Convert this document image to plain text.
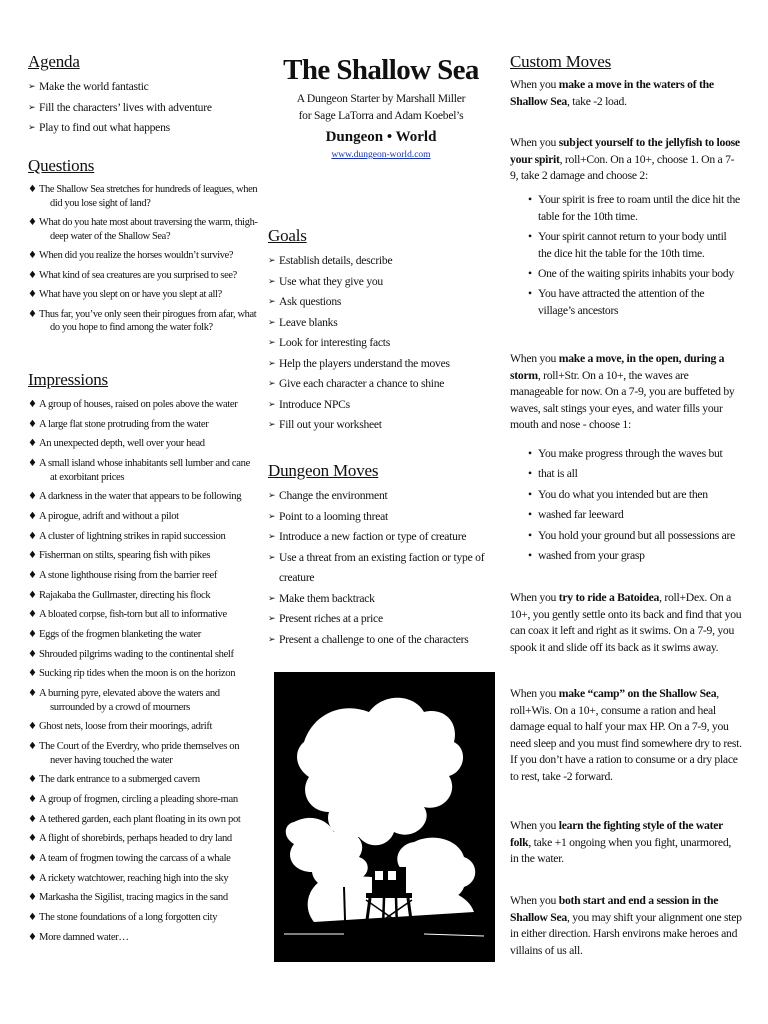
Agenda
➢ Make the world fantastic
➢ Fill the characters’ lives with adventure
➢ Play to find out what happens
Questions
♦ The Shallow Sea stretches for hundreds of leagues, when did you lose sight of land?
♦ What do you hate most about traversing the warm, thigh-deep water of the Shallow Sea?
♦ When did you realize the horses wouldn’t survive?
♦ What kind of sea creatures are you surprised to see?
♦ What have you slept on or have you slept at all?
♦ Thus far, you’ve only seen their pirogues from afar, what do you hope to find among the water folk?
Impressions
♦ A group of houses, raised on poles above the water
♦ A large flat stone protruding from the water
♦ An unexpected depth, well over your head
♦ A small island whose inhabitants sell lumber and cane at exorbitant prices
♦ A darkness in the water that appears to be following
♦ A pirogue, adrift and without a pilot
♦ A cluster of lightning strikes in rapid succession
♦ Fisherman on stilts, spearing fish with pikes
♦ A stone lighthouse rising from the barrier reef
♦ Rajakaba the Gullmaster, directing his flock
♦ A bloated corpse, fish-torn but all to informative
♦ Eggs of the frogmen blanketing the water
♦ Shrouded pilgrims wading to the continental shelf
♦ Sucking rip tides when the moon is on the horizon
♦ A burning pyre, elevated above the waters and surrounded by a crowd of mourners
♦ Ghost nets, loose from their moorings, adrift
♦ The Court of the Everdry, who pride themselves on never having touched the water
♦ The dark entrance to a submerged cavern
♦ A group of frogmen, circling a pleading shore-man
♦ A tethered garden, each plant floating in its own pot
♦ A flight of shorebirds, perhaps headed to dry land
♦ A team of frogmen towing the carcass of a whale
♦ A rickety watchtower, reaching high into the sky
♦ Markasha the Sigilist, tracing magics in the sand
♦ The stone foundations of a long forgotten city
♦ More damned water…
The Shallow Sea
A Dungeon Starter by Marshall Miller
for Sage LaTorra and Adam Koebel’s
Dungeon • World
www.dungeon-world.com
Goals
➢ Establish details, describe
➢ Use what they give you
➢ Ask questions
➢ Leave blanks
➢ Look for interesting facts
➢ Help the players understand the moves
➢ Give each character a chance to shine
➢ Introduce NPCs
➢ Fill out your worksheet
Dungeon Moves
➢ Change the environment
➢ Point to a looming threat
➢ Introduce a new faction or type of creature
➢ Use a threat from an existing faction or type of creature
➢ Make them backtrack
➢ Present riches at a price
➢ Present a challenge to one of the characters
Custom Moves

When you make a move in the waters of the Shallow Sea, take -2 load.

When you subject yourself to the jellyfish to loose your spirit, roll+Con. On a 10+, choose 1. On a 7-9, take 2 damage and choose 2:

• Your spirit is free to roam until the dice hit the table for the 10th time.
• Your spirit cannot return to your body until the dice hit the table for the 10th time.
• One of the waiting spirits inhabits your body
• You have attracted the attention of the village’s ancestors

When you make a move, in the open, during a storm, roll+Str. On a 10+, the waves are manageable for now. On a 7-9, you are buffeted by waves, salt stings your eyes, and water fills your mouth and nose - choose 1:

• You make progress through the waves but
• that is all
• You do what you intended but are then
• washed far leeward
• You hold your ground but all possessions are
• washed from your grasp

When you try to ride a Batoidea, roll+Dex. On a 10+, you gently settle onto its back and find that you can coax it left and right as it swims. On a 7-9, you spook it and slide off its back as it swims away.

When you make “camp” on the Shallow Sea, roll+Wis. On a 10+, consume a ration and heal damage equal to half your max HP. On a 7-9, you need sleep and you must find somewhere dry to rest. If you don’t have a ration to consume or a dry place to rest, take -2 forward.

When you learn the fighting style of the water folk, take +1 ongoing when you fight, unarmored, in the water.

When you both start and end a session in the Shallow Sea, you may shift your alignment one step in either direction. Harsh environs make heroes and villains of us all.
